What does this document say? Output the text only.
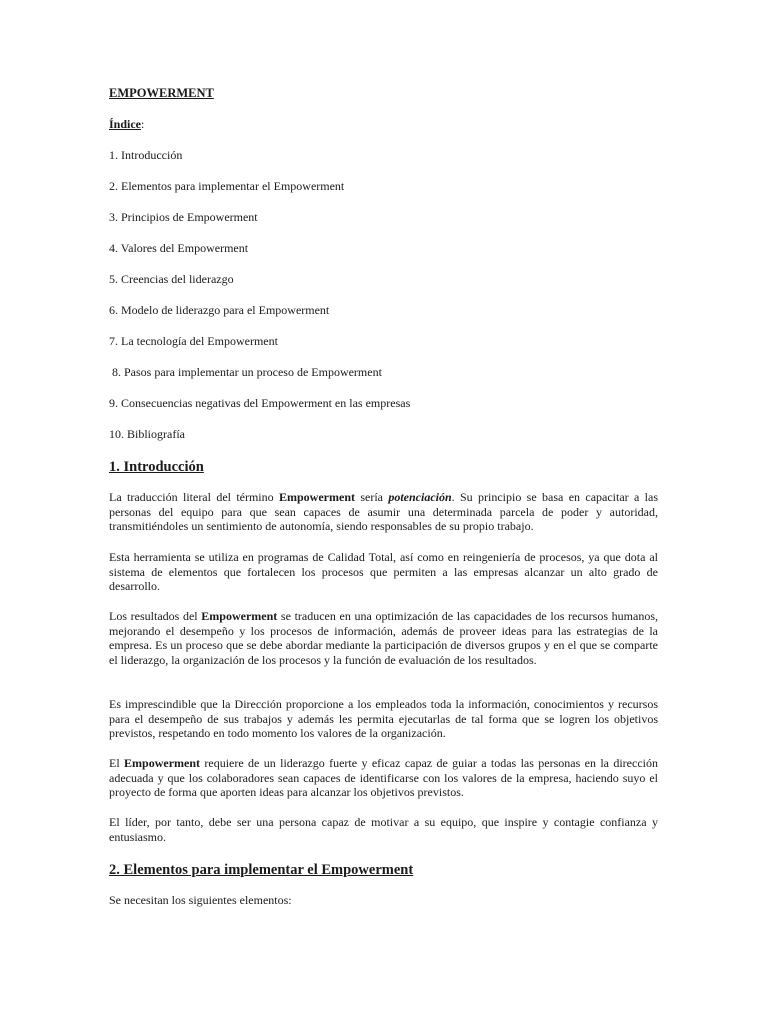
EMPOWERMENT
Índice:
1. Introducción
2. Elementos para implementar el Empowerment
3. Principios de Empowerment
4. Valores del Empowerment
5. Creencias del liderazgo
6. Modelo de liderazgo para el Empowerment
7. La tecnología del Empowerment
8. Pasos para implementar un proceso de Empowerment
9. Consecuencias negativas del Empowerment en las empresas
10. Bibliografía
1. Introducción

La traducción literal del término Empowerment sería potenciación. Su principio se basa en capacitar a las personas del equipo para que sean capaces de asumir una determinada parcela de poder y autoridad, transmitiéndoles un sentimiento de autonomía, siendo responsables de su propio trabajo.

Esta herramienta se utiliza en programas de Calidad Total, así como en reingeniería de procesos, ya que dota al sistema de elementos que fortalecen los procesos que permiten a las empresas alcanzar un alto grado de desarrollo.

Los resultados del Empowerment se traducen en una optimización de las capacidades de los recursos humanos, mejorando el desempeño y los procesos de información, además de proveer ideas para las estrategias de la empresa. Es un proceso que se debe abordar mediante la participación de diversos grupos y en el que se comparte el liderazgo, la organización de los procesos y la función de evaluación de los resultados.

Es imprescindible que la Dirección proporcione a los empleados toda la información, conocimientos y recursos para el desempeño de sus trabajos y además les permita ejecutarlas de tal forma que se logren los objetivos previstos, respetando en todo momento los valores de la organización.

El Empowerment requiere de un liderazgo fuerte y eficaz capaz de guiar a todas las personas en la dirección adecuada y que los colaboradores sean capaces de identificarse con los valores de la empresa, haciendo suyo el proyecto de forma que aporten ideas para alcanzar los objetivos previstos.

El líder, por tanto, debe ser una persona capaz de motivar a su equipo, que inspire y contagie confianza y entusiasmo.

2. Elementos para implementar el Empowerment
Se necesitan los siguientes elementos:
